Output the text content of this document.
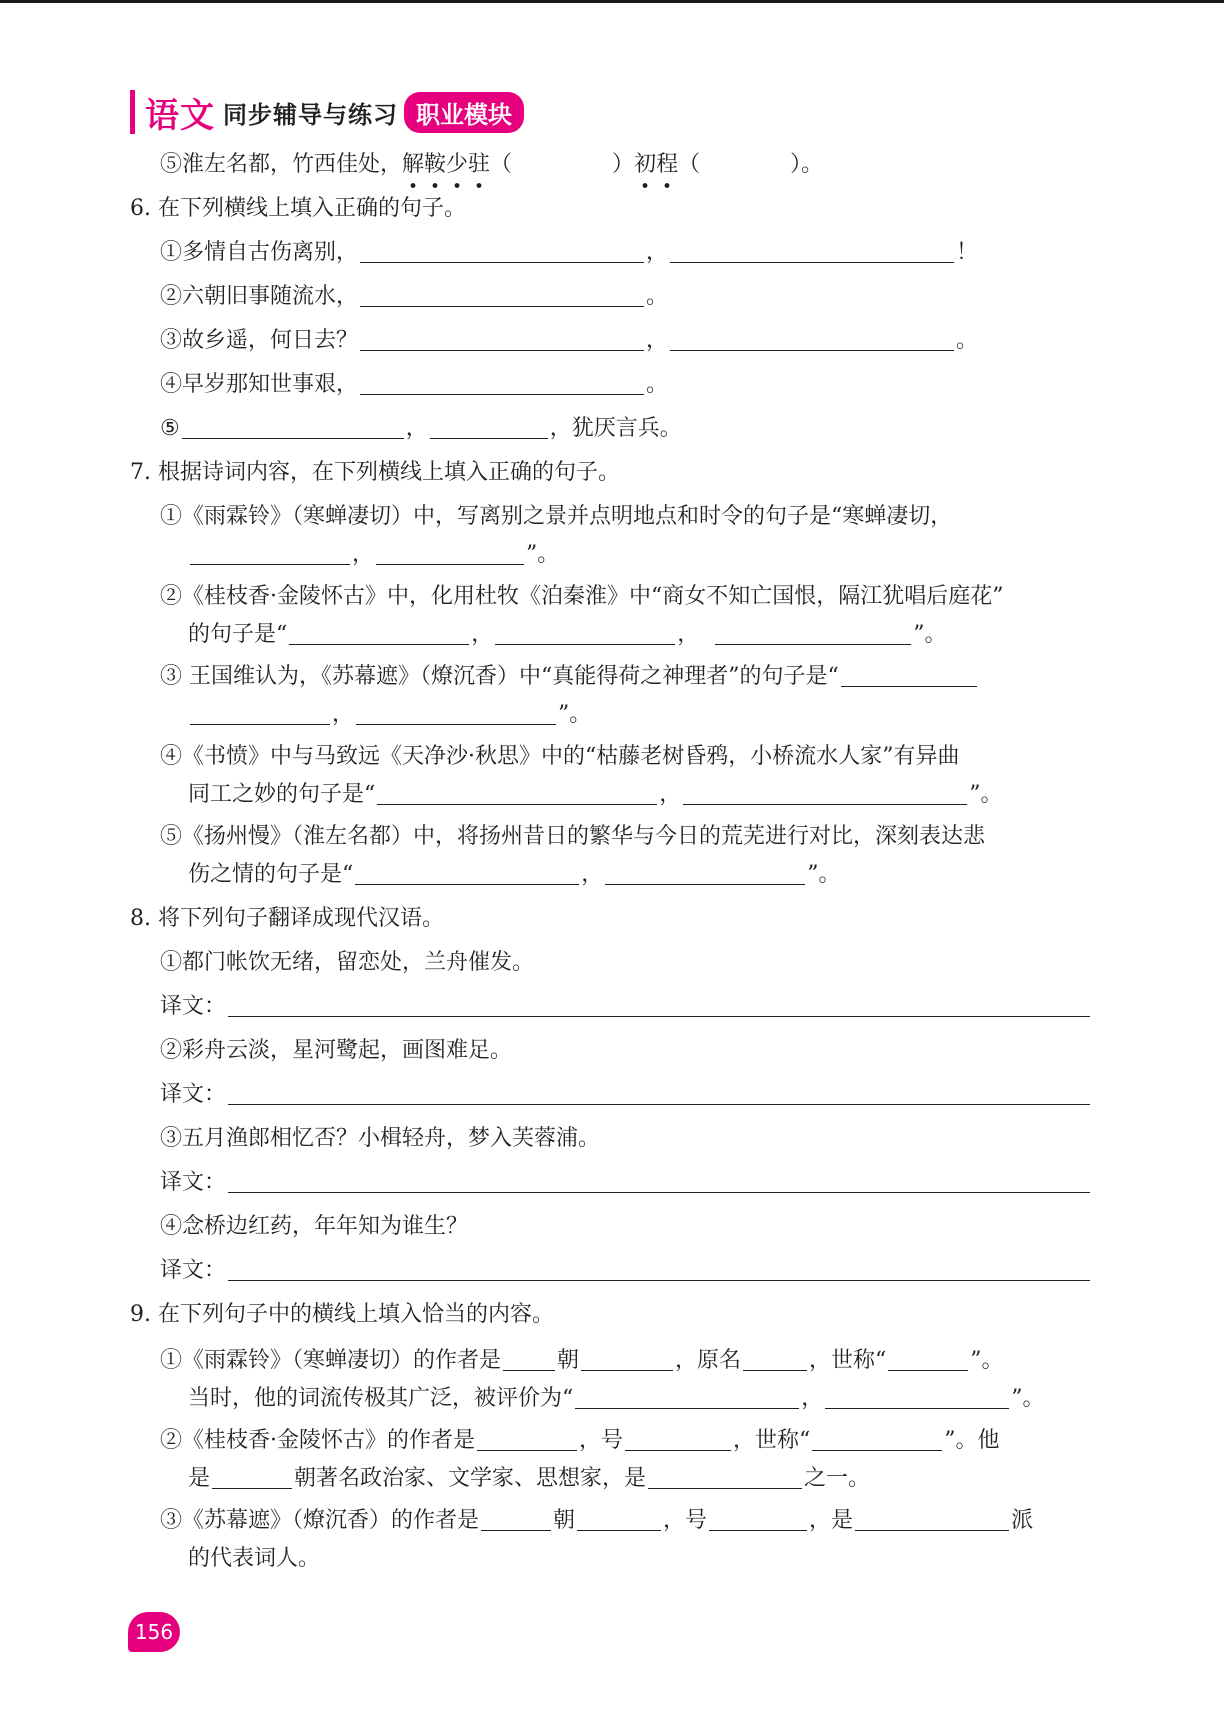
语文 同步辅导与练习 职业模块
⑤淮左名都，竹西佳处，解鞍少驻（	）初程（	）。
6. 在下列横线上填入正确的句子。
①多情自古伤离别，	，	！
②六朝旧事随流水，	。
③故乡遥，何日去？	，	。
④早岁那知世事艰，	。
⑤	，	，犹厌言兵。
7. 根据诗词内容，在下列横线上填入正确的句子。
①《雨霖铃》（寒蝉凄切）中，写离别之景并点明地点和时令的句子是“寒蝉凄切，
，	”。
②《桂枝香·金陵怀古》中，化用杜牧《泊秦淮》中“商女不知亡国恨，隔江犹唱后庭花”
的句子是“	，	，	”。
③ 王国维认为，《苏幕遮》（燎沉香）中“真能得荷之神理者”的句子是“
，	”。
④《书愤》中与马致远《天净沙·秋思》中的“枯藤老树昏鸦，小桥流水人家”有异曲
同工之妙的句子是“	，	”。
⑤《扬州慢》（淮左名都）中，将扬州昔日的繁华与今日的荒芜进行对比，深刻表达悲
伤之情的句子是“	，	”。
8. 将下列句子翻译成现代汉语。
①都门帐饮无绪，留恋处，兰舟催发。
译文：
②彩舟云淡，星河鹭起，画图难足。
译文：
③五月渔郎相忆否？小楫轻舟，梦入芙蓉浦。
译文：
④念桥边红药，年年知为谁生？
译文：
9. 在下列句子中的横线上填入恰当的内容。
①《雨霖铃》（寒蝉凄切）的作者是	朝	，原名	，世称“	”。
当时，他的词流传极其广泛，被评价为“	，	”。
②《桂枝香·金陵怀古》的作者是	，号	，世称“	”。他
是	朝著名政治家、文学家、思想家，是	之一。
③《苏幕遮》（燎沉香）的作者是	朝	，号	，是	派
的代表词人。
156
